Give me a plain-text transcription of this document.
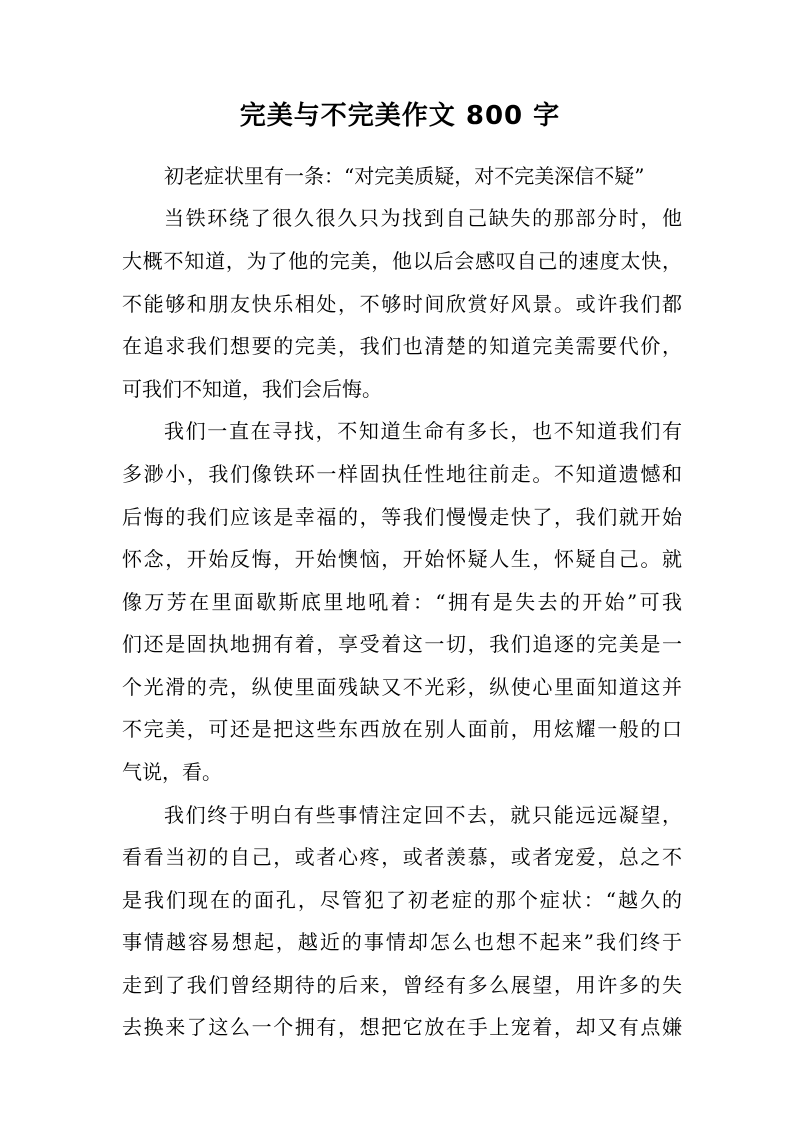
完美与不完美作文 800 字
初老症状里有一条：“对完美质疑，对不完美深信不疑”
当铁环绕了很久很久只为找到自己缺失的那部分时，他
大概不知道，为了他的完美，他以后会感叹自己的速度太快，
不能够和朋友快乐相处，不够时间欣赏好风景。或许我们都
在追求我们想要的完美，我们也清楚的知道完美需要代价，
可我们不知道，我们会后悔。
我们一直在寻找，不知道生命有多长，也不知道我们有
多渺小，我们像铁环一样固执任性地往前走。不知道遗憾和
后悔的我们应该是幸福的，等我们慢慢走快了，我们就开始
怀念，开始反悔，开始懊恼，开始怀疑人生，怀疑自己。就
像万芳在里面歇斯底里地吼着：“拥有是失去的开始”可我
们还是固执地拥有着，享受着这一切，我们追逐的完美是一
个光滑的壳，纵使里面残缺又不光彩，纵使心里面知道这并
不完美，可还是把这些东西放在别人面前，用炫耀一般的口
气说，看。
我们终于明白有些事情注定回不去，就只能远远凝望，
看看当初的自己，或者心疼，或者羡慕，或者宠爱，总之不
是我们现在的面孔，尽管犯了初老症的那个症状：“越久的
事情越容易想起，越近的事情却怎么也想不起来”我们终于
走到了我们曾经期待的后来，曾经有多么展望，用许多的失
去换来了这么一个拥有，想把它放在手上宠着，却又有点嫌
